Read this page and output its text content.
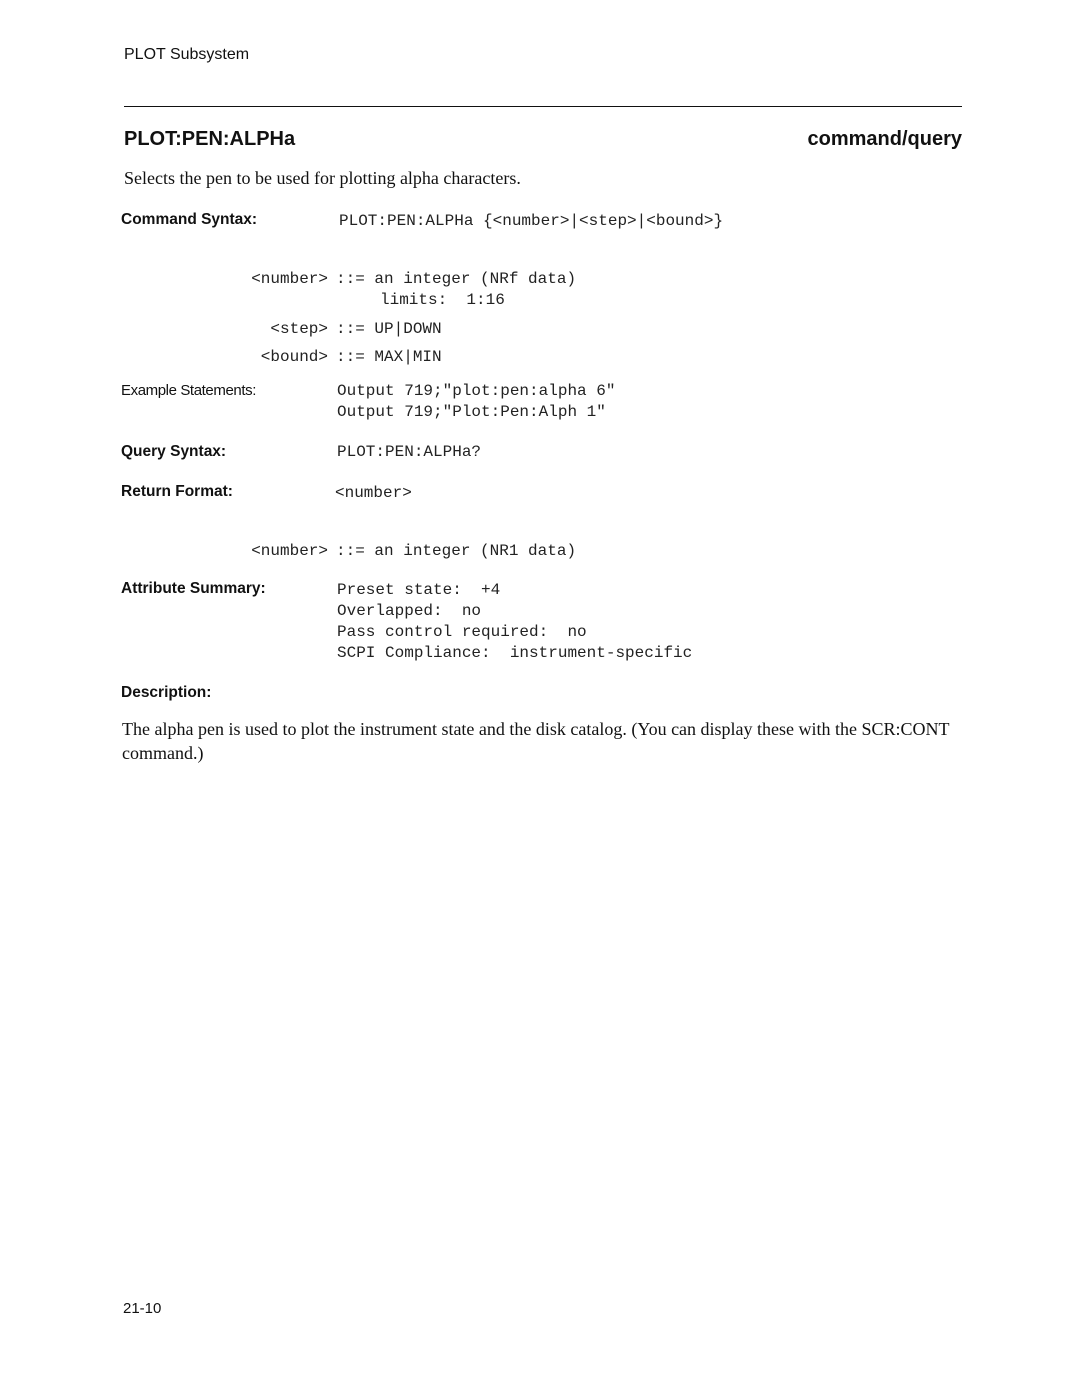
PLOT Subsystem
PLOT:PEN:ALPHa	command/query
Selects the pen to be used for plotting alpha characters.
Command Syntax:	PLOT:PEN:ALPHa {<number>|<step>|<bound>}
<number> ::= an integer (NRf data)
limits:  1:16
<step> ::= UP|DOWN
<bound> ::= MAX|MIN
Example Statements:	Output 719;"plot:pen:alpha 6"
Output 719;"Plot:Pen:Alph 1"
Query Syntax:	PLOT:PEN:ALPHa?
Return Format:	<number>
<number> ::= an integer (NR1 data)
Attribute Summary:	Preset state:  +4
Overlapped:  no
Pass control required:  no
SCPI Compliance:  instrument-specific
Description:
The alpha pen is used to plot the instrument state and the disk catalog. (You can display these with the SCR:CONT command.)
21-10
